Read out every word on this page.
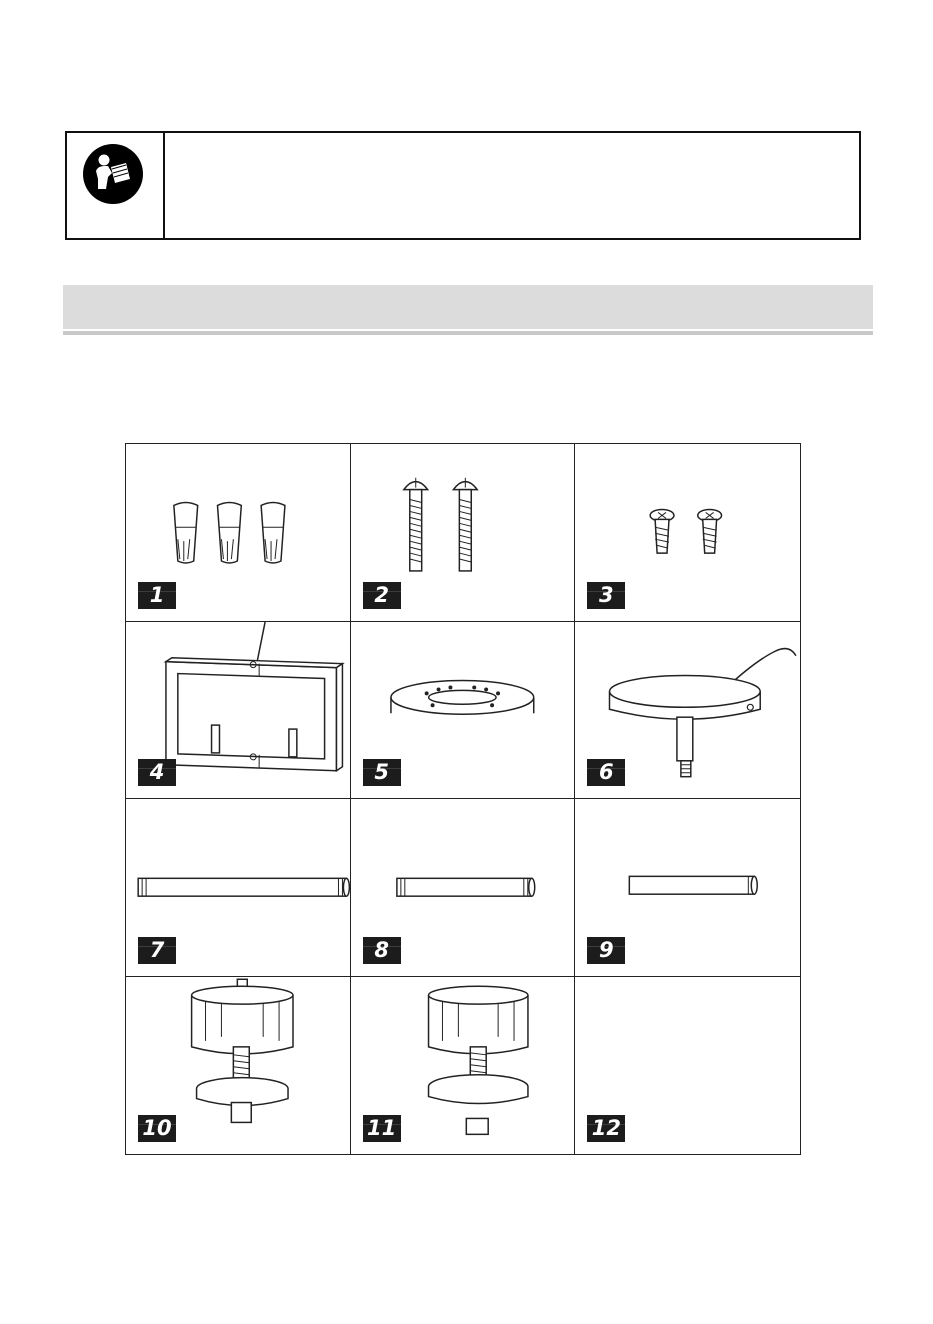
1	2	3
4	5	6
7	8	9
10	11	12
